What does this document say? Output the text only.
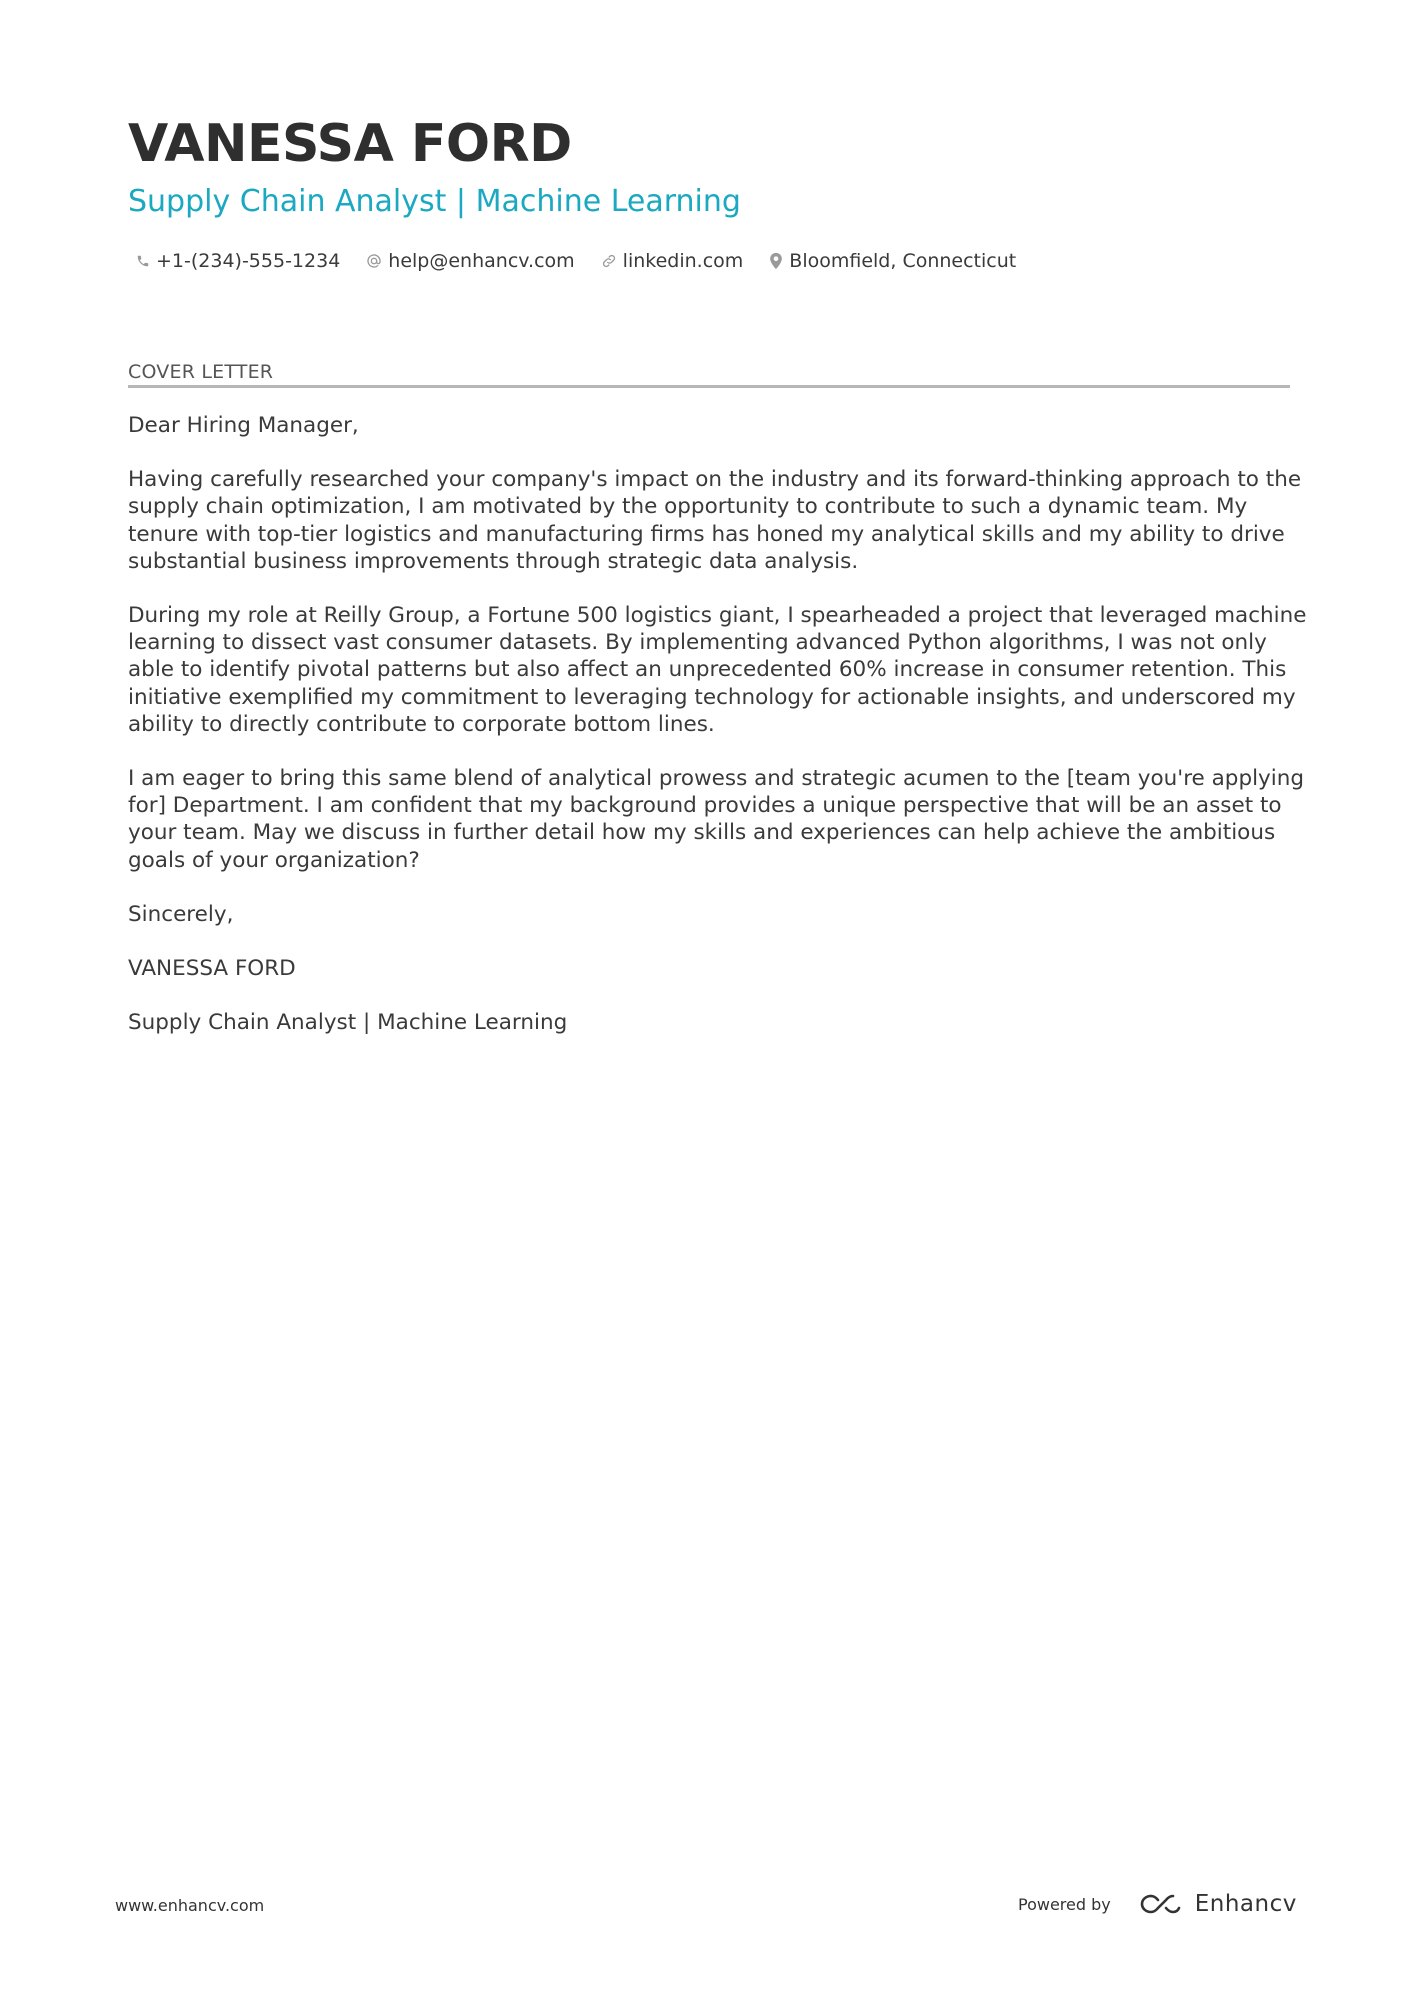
VANESSA FORD
Supply Chain Analyst | Machine Learning
+1-(234)-555-1234	help@enhancv.com	linkedin.com Bloomfield, Connecticut
COVER LETTER

Dear Hiring Manager,

Having carefully researched your company's impact on the industry and its forward-thinking approach to the
supply chain optimization, I am motivated by the opportunity to contribute to such a dynamic team. My
tenure with top-tier logistics and manufacturing firms has honed my analytical skills and my ability to drive
substantial business improvements through strategic data analysis.

During my role at Reilly Group, a Fortune 500 logistics giant, I spearheaded a project that leveraged machine
learning to dissect vast consumer datasets. By implementing advanced Python algorithms, I was not only
able to identify pivotal patterns but also affect an unprecedented 60% increase in consumer retention. This
initiative exemplified my commitment to leveraging technology for actionable insights, and underscored my
ability to directly contribute to corporate bottom lines.

I am eager to bring this same blend of analytical prowess and strategic acumen to the [team you're applying
for] Department. I am confident that my background provides a unique perspective that will be an asset to
your team. May we discuss in further detail how my skills and experiences can help achieve the ambitious
goals of your organization?

Sincerely,

VANESSA FORD

Supply Chain Analyst | Machine Learning

www.enhancv.com	Powered by	Enhancv
